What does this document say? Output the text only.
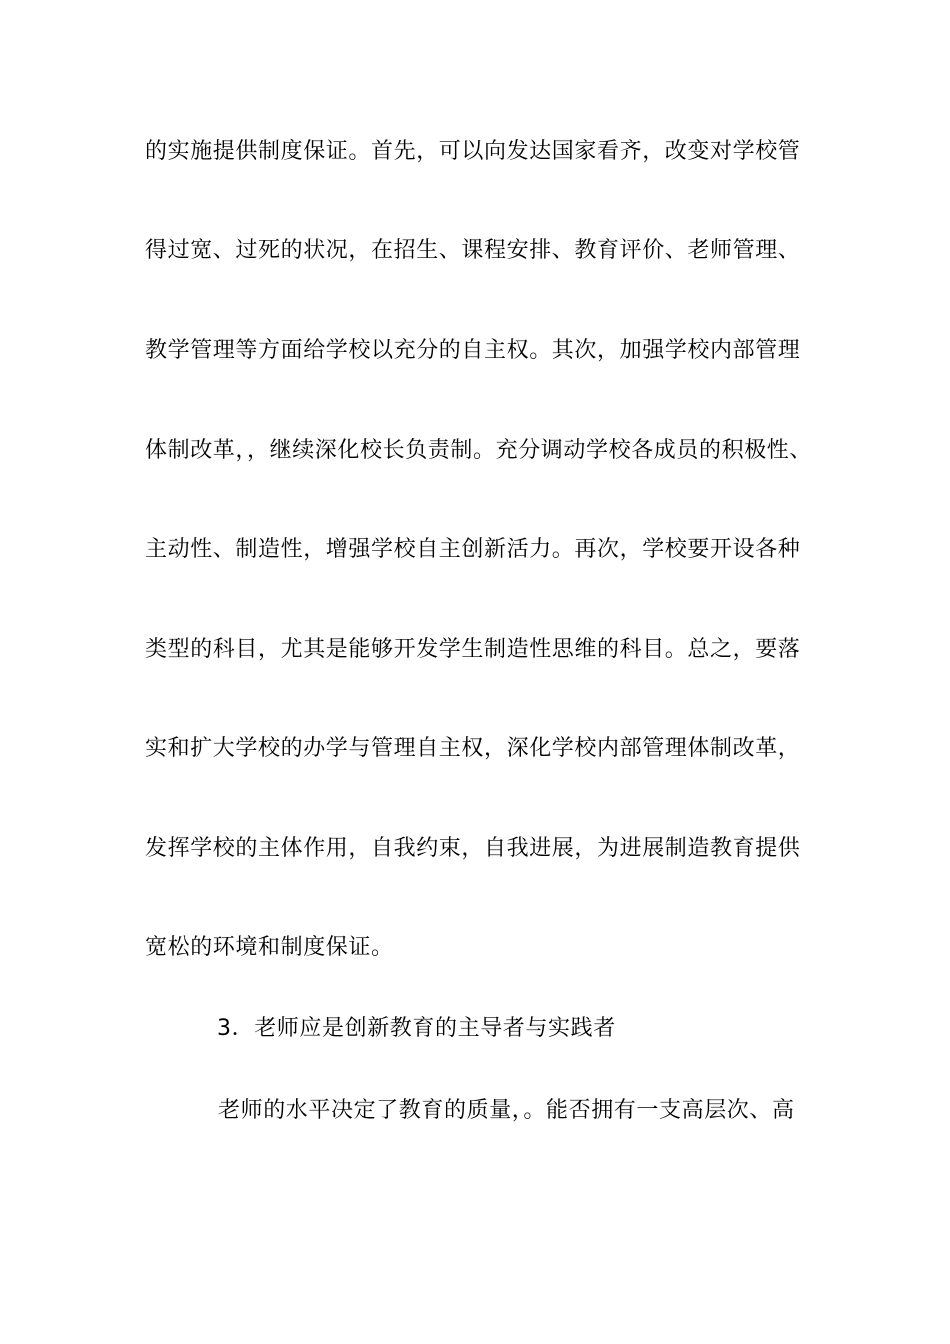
的实施提供制度保证。首先，可以向发达国家看齐，改变对学校管
得过宽、过死的状况，在招生、课程安排、教育评价、老师管理、
教学管理等方面给学校以充分的自主权。其次，加强学校内部管理
体制改革，，继续深化校长负责制。充分调动学校各成员的积极性、
主动性、制造性，增强学校自主创新活力。再次，学校要开设各种
类型的科目，尤其是能够开发学生制造性思维的科目。总之，要落
实和扩大学校的办学与管理自主权，深化学校内部管理体制改革，
发挥学校的主体作用，自我约束，自我进展，为进展制造教育提供
宽松的环境和制度保证。
3．老师应是创新教育的主导者与实践者
老师的水平决定了教育的质量，。能否拥有一支高层次、高
